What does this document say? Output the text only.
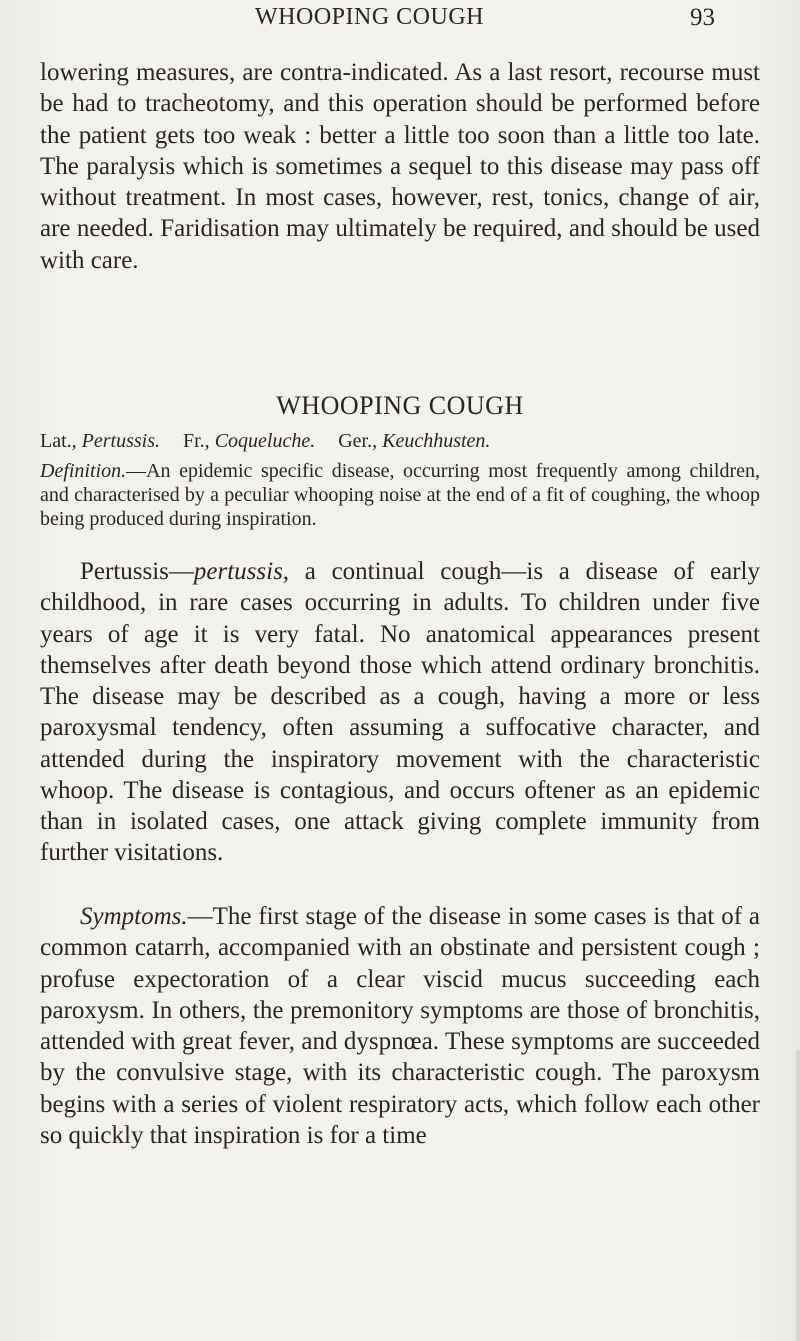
WHOOPING COUGH	93

lowering measures, are contra-indicated. As a last resort, recourse must be had to tracheotomy, and this operation should be performed before the patient gets too weak : better a little too soon than a little too late. The paralysis which is sometimes a sequel to this disease may pass off without treatment. In most cases, however, rest, tonics, change of air, are needed. Faridisation may ultimately be required, and should be used with care.

WHOOPING COUGH
Lat., Pertussis. Fr., Coqueluche. Ger., Keuchhusten.

Definition.—An epidemic specific disease, occurring most frequently among children, and characterised by a peculiar whooping noise at the end of a fit of coughing, the whoop being produced during inspiration.

Pertussis—pertussis, a continual cough—is a disease of early childhood, in rare cases occurring in adults. To children under five years of age it is very fatal. No anatomical appearances present themselves after death beyond those which attend ordinary bronchitis. The disease may be described as a cough, having a more or less paroxysmal tendency, often assuming a suffocative character, and attended during the inspiratory movement with the characteristic whoop. The disease is contagious, and occurs oftener as an epidemic than in isolated cases, one attack giving complete immunity from further visitations.

Symptoms.—The first stage of the disease in some cases is that of a common catarrh, accompanied with an obstinate and persistent cough ; profuse expectoration of a clear viscid mucus succeeding each paroxysm. In others, the premonitory symptoms are those of bronchitis, attended with great fever, and dyspnœa. These symptoms are succeeded by the convulsive stage, with its characteristic cough. The paroxysm begins with a series of violent respiratory acts, which follow each other so quickly that inspiration is for a time
